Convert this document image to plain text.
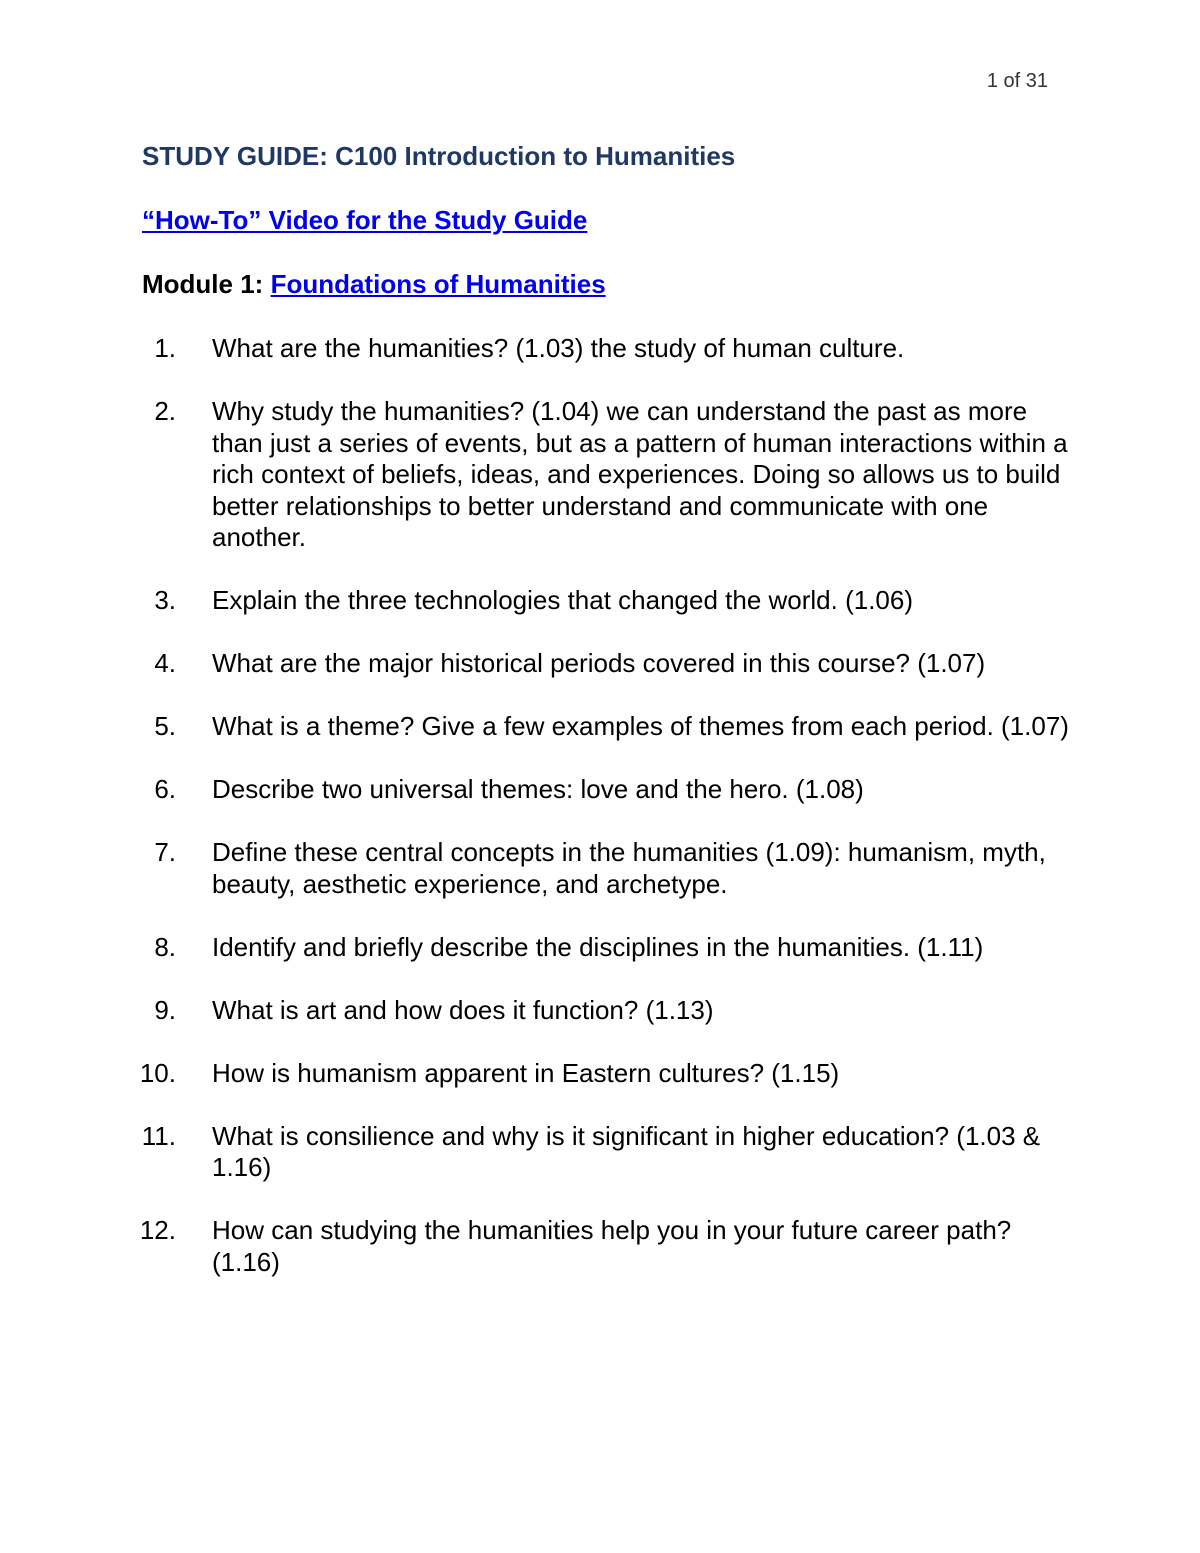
1 of 31
STUDY GUIDE: C100 Introduction to Humanities
“How-To” Video for the Study Guide
Module 1: Foundations of Humanities
1. What are the humanities? (1.03) the study of human culture.
2. Why study the humanities? (1.04) we can understand the past as more than just a series of events, but as a pattern of human interactions within a rich context of beliefs, ideas, and experiences. Doing so allows us to build better relationships to better understand and communicate with one another.
3. Explain the three technologies that changed the world. (1.06)
4. What are the major historical periods covered in this course? (1.07)
5. What is a theme? Give a few examples of themes from each period. (1.07)
6. Describe two universal themes: love and the hero. (1.08)
7. Define these central concepts in the humanities (1.09): humanism, myth, beauty, aesthetic experience, and archetype.
8. Identify and briefly describe the disciplines in the humanities. (1.11)
9. What is art and how does it function? (1.13)
10. How is humanism apparent in Eastern cultures? (1.15)
11. What is consilience and why is it significant in higher education? (1.03 & 1.16)
12. How can studying the humanities help you in your future career path? (1.16)
